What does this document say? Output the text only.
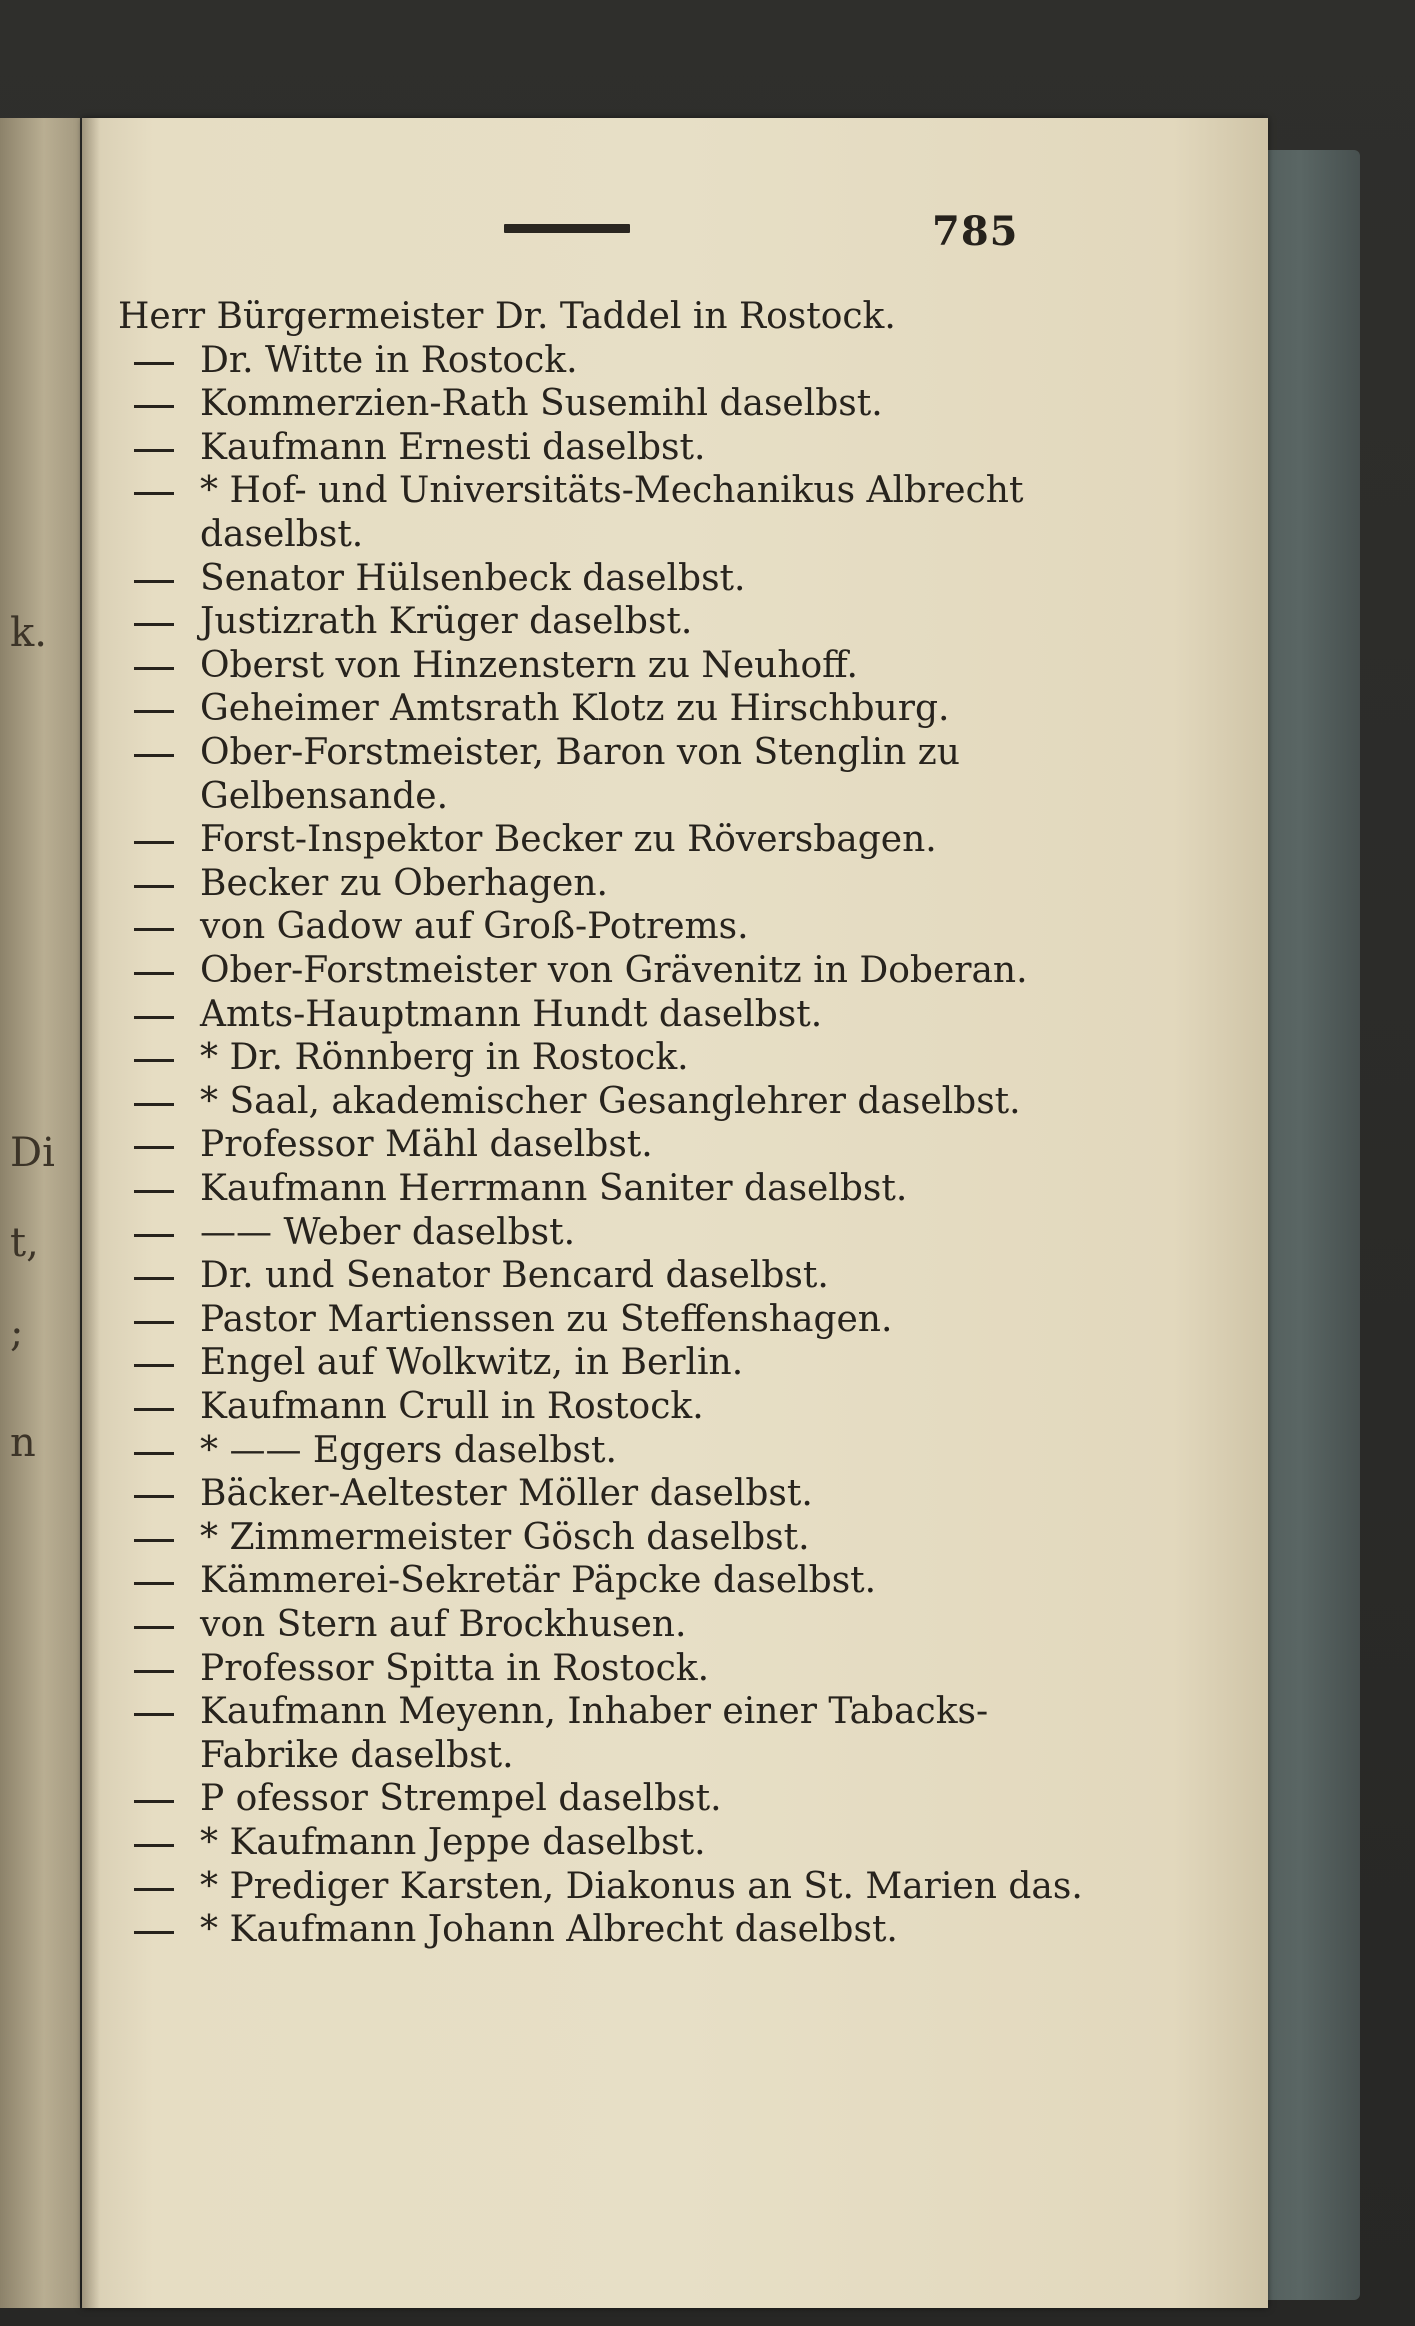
k.
Di
t,
;
n
785
Herr Bürgermeister Dr. Taddel in Rostock.
Dr. Witte in Rostock.
Kommerzien-Rath Susemihl daselbst.
Kaufmann Ernesti daselbst.
* Hof- und Universitäts-Mechanikus Albrecht
daselbst.
Senator Hülsenbeck daselbst.
Justizrath Krüger daselbst.
Oberst von Hinzenstern zu Neuhoff.
Geheimer Amtsrath Klotz zu Hirschburg.
Ober-Forstmeister, Baron von Stenglin zu
Gelbensande.
Forst-Inspektor Becker zu Röversbagen.
Becker zu Oberhagen.
von Gadow auf Groß-Potrems.
Ober-Forstmeister von Grävenitz in Doberan.
Amts-Hauptmann Hundt daselbst.
* Dr. Rönnberg in Rostock.
* Saal, akademischer Gesanglehrer daselbst.
Professor Mähl daselbst.
Kaufmann Herrmann Saniter daselbst.
—— Weber daselbst.
Dr. und Senator Bencard daselbst.
Pastor Martienssen zu Steffenshagen.
Engel auf Wolkwitz, in Berlin.
Kaufmann Crull in Rostock.
* —— Eggers daselbst.
Bäcker-Aeltester Möller daselbst.
* Zimmermeister Gösch daselbst.
Kämmerei-Sekretär Päpcke daselbst.
von Stern auf Brockhusen.
Professor Spitta in Rostock.
Kaufmann Meyenn, Inhaber einer Tabacks-
Fabrike daselbst.
P ofessor Strempel daselbst.
* Kaufmann Jeppe daselbst.
* Prediger Karsten, Diakonus an St. Marien das.
* Kaufmann Johann Albrecht daselbst.
